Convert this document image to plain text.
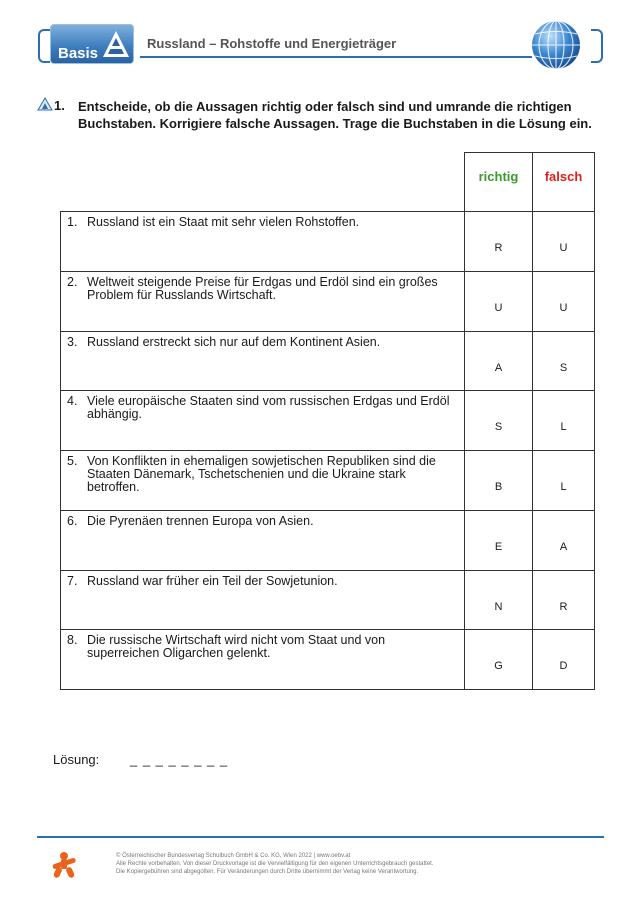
Basis
Russland – Rohstoffe und Energieträger
1. Entscheide, ob die Aussagen richtig oder falsch sind und umrande die richtigen Buchstaben. Korrigiere falsche Aussagen. Trage die Buchstaben in die Lösung ein.
richtig	falsch
1. Russland ist ein Staat mit sehr vielen Rohstoffen.
R	U
2. Weltweit steigende Preise für Erdgas und Erdöl sind ein großes Problem für Russlands Wirtschaft.
U	U
3. Russland erstreckt sich nur auf dem Kontinent Asien.
A	S
4. Viele europäische Staaten sind vom russischen Erdgas und Erdöl abhängig.
S	L
5. Von Konflikten in ehemaligen sowjetischen Republiken sind die Staaten Dänemark, Tschetschenien und die Ukraine stark betroffen.	B	L
6. Die Pyrenäen trennen Europa von Asien.
E	A
7. Russland war früher ein Teil der Sowjetunion.
N	R
8. Die russische Wirtschaft wird nicht vom Staat und von superreichen Oligarchen gelenkt.
G	D
Lösung: _ _ _ _ _ _ _ _
© Österreichischer Bundesverlag Schulbuch GmbH & Co. KG, Wien 2022 | www.oebv.at
Alle Rechte vorbehalten. Von dieser Druckvorlage ist die Vervielfältigung für den eigenen Unterrichtsgebrauch gestattet.
Die Kopiergebühren sind abgegolten. Für Veränderungen durch Dritte übernimmt der Verlag keine Verantwortung.
